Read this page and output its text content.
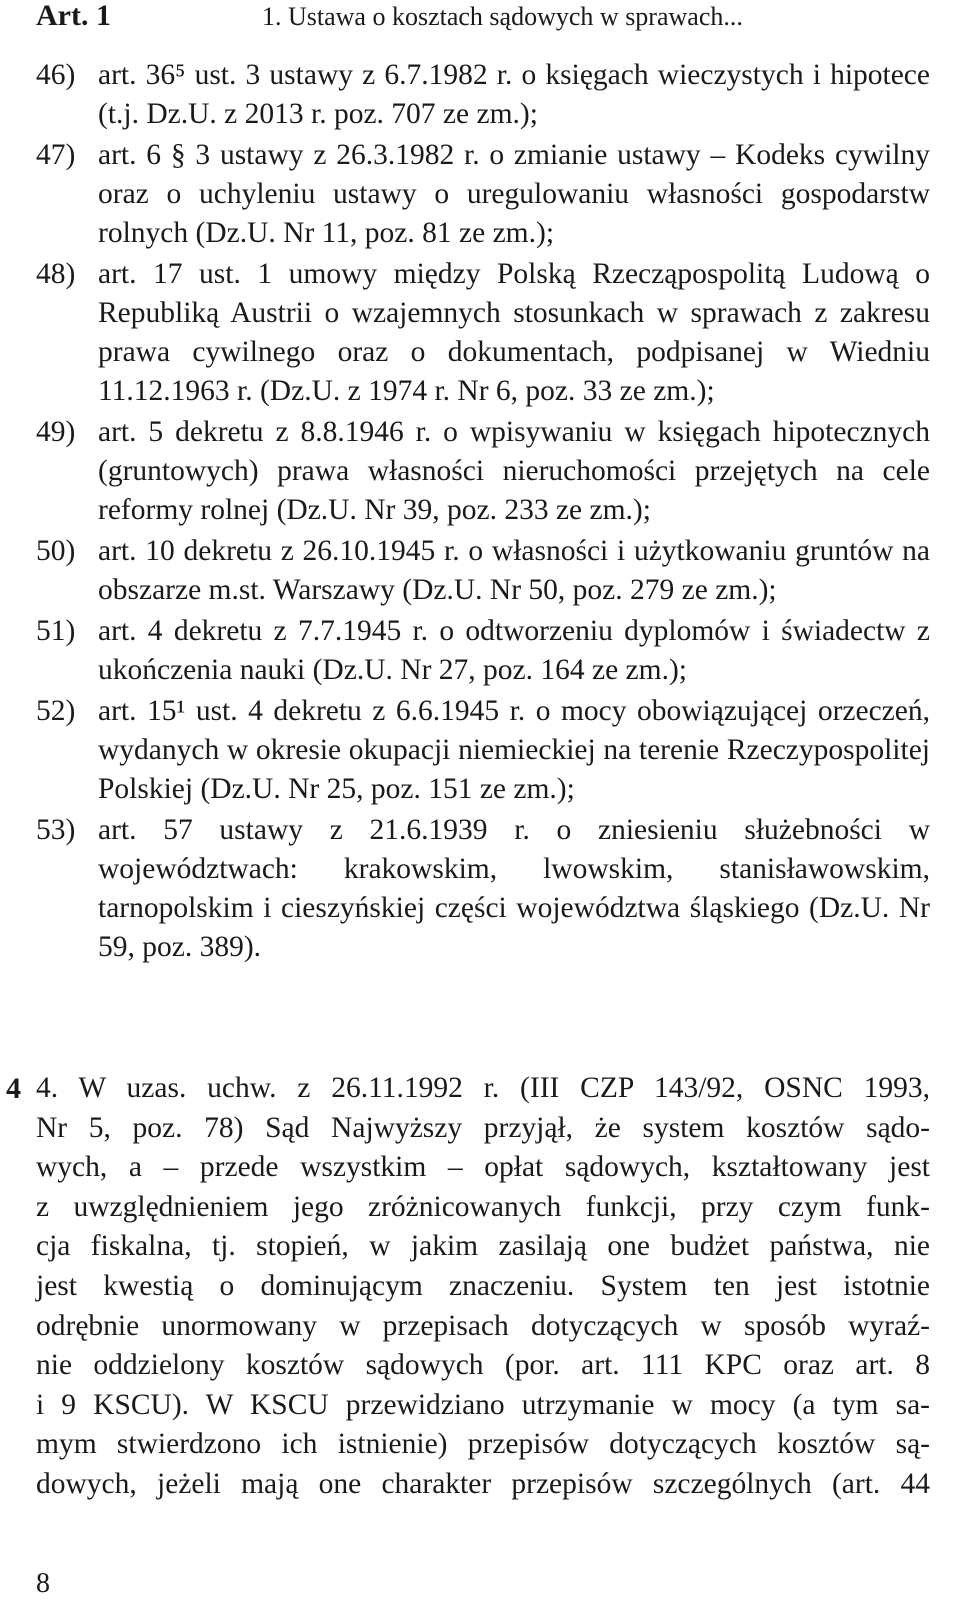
Art. 1	1. Ustawa o kosztach sądowych w sprawach...
46) art. 36⁵ ust. 3 ustawy z 6.7.1982 r. o księgach wieczystych i hipotece (t.j. Dz.U. z 2013 r. poz. 707 ze zm.);
47) art. 6 § 3 ustawy z 26.3.1982 r. o zmianie ustawy – Kodeks cywilny oraz o uchyleniu ustawy o uregulowaniu własności gospodarstw rolnych (Dz.U. Nr 11, poz. 81 ze zm.);
48) art. 17 ust. 1 umowy między Polską Rzecząpospolitą Ludową o Republiką Austrii o wzajemnych stosunkach w sprawach z zakresu prawa cywilnego oraz o dokumentach, podpisanej w Wiedniu 11.12.1963 r. (Dz.U. z 1974 r. Nr 6, poz. 33 ze zm.);
49) art. 5 dekretu z 8.8.1946 r. o wpisywaniu w księgach hipotecznych (gruntowych) prawa własności nieruchomości przejętych na cele reformy rolnej (Dz.U. Nr 39, poz. 233 ze zm.);
50) art. 10 dekretu z 26.10.1945 r. o własności i użytkowaniu gruntów na obszarze m.st. Warszawy (Dz.U. Nr 50, poz. 279 ze zm.);
51) art. 4 dekretu z 7.7.1945 r. o odtworzeniu dyplomów i świadectw z ukończenia nauki (Dz.U. Nr 27, poz. 164 ze zm.);
52) art. 15¹ ust. 4 dekretu z 6.6.1945 r. o mocy obowiązującej orzeczeń, wydanych w okresie okupacji niemieckiej na terenie Rzeczypospolitej Polskiej (Dz.U. Nr 25, poz. 151 ze zm.);
53) art. 57 ustawy z 21.6.1939 r. o zniesieniu służebności w województwach: krakowskim, lwowskim, stanisławowskim, tarnopolskim i cieszyńskiej części województwa śląskiego (Dz.U. Nr 59, poz. 389).
4 4. W uzas. uchw. z 26.11.1992 r. (III CZP 143/92, OSNC 1993,
Nr 5, poz. 78) Sąd Najwyższy przyjął, że system kosztów sądo-
wych, a – przede wszystkim – opłat sądowych, kształtowany jest
z uwzględnieniem jego zróżnicowanych funkcji, przy czym funk-
cja fiskalna, tj. stopień, w jakim zasilają one budżet państwa, nie
jest kwestią o dominującym znaczeniu. System ten jest istotnie
odrębnie unormowany w przepisach dotyczących w sposób wyraź-
nie oddzielony kosztów sądowych (por. art. 111 KPC oraz art. 8
i 9 KSCU). W KSCU przewidziano utrzymanie w mocy (a tym sa-
mym stwierdzono ich istnienie) przepisów dotyczących kosztów są-
dowych, jeżeli mają one charakter przepisów szczególnych (art. 44
8
